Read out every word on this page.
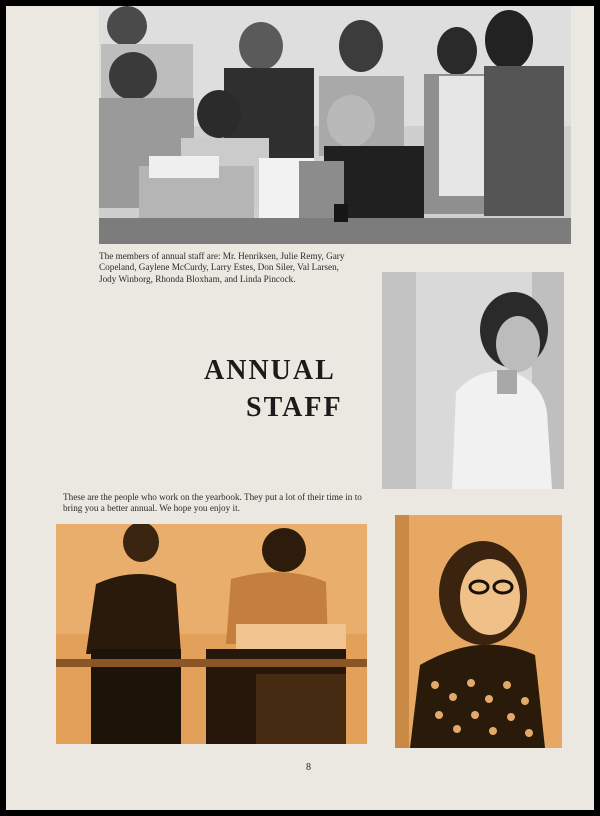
The members of annual staff are: Mr. Henriksen, Julie Remy, Gary Copeland, Gaylene McCurdy, Larry Estes, Don Siler, Val Larsen, Jody Winborg, Rhonda Bloxham, and Linda Pincock.

ANNUAL
STAFF

These are the people who work on the yearbook. They put a lot of their time in to bring you a better annual. We hope you enjoy it.

8
